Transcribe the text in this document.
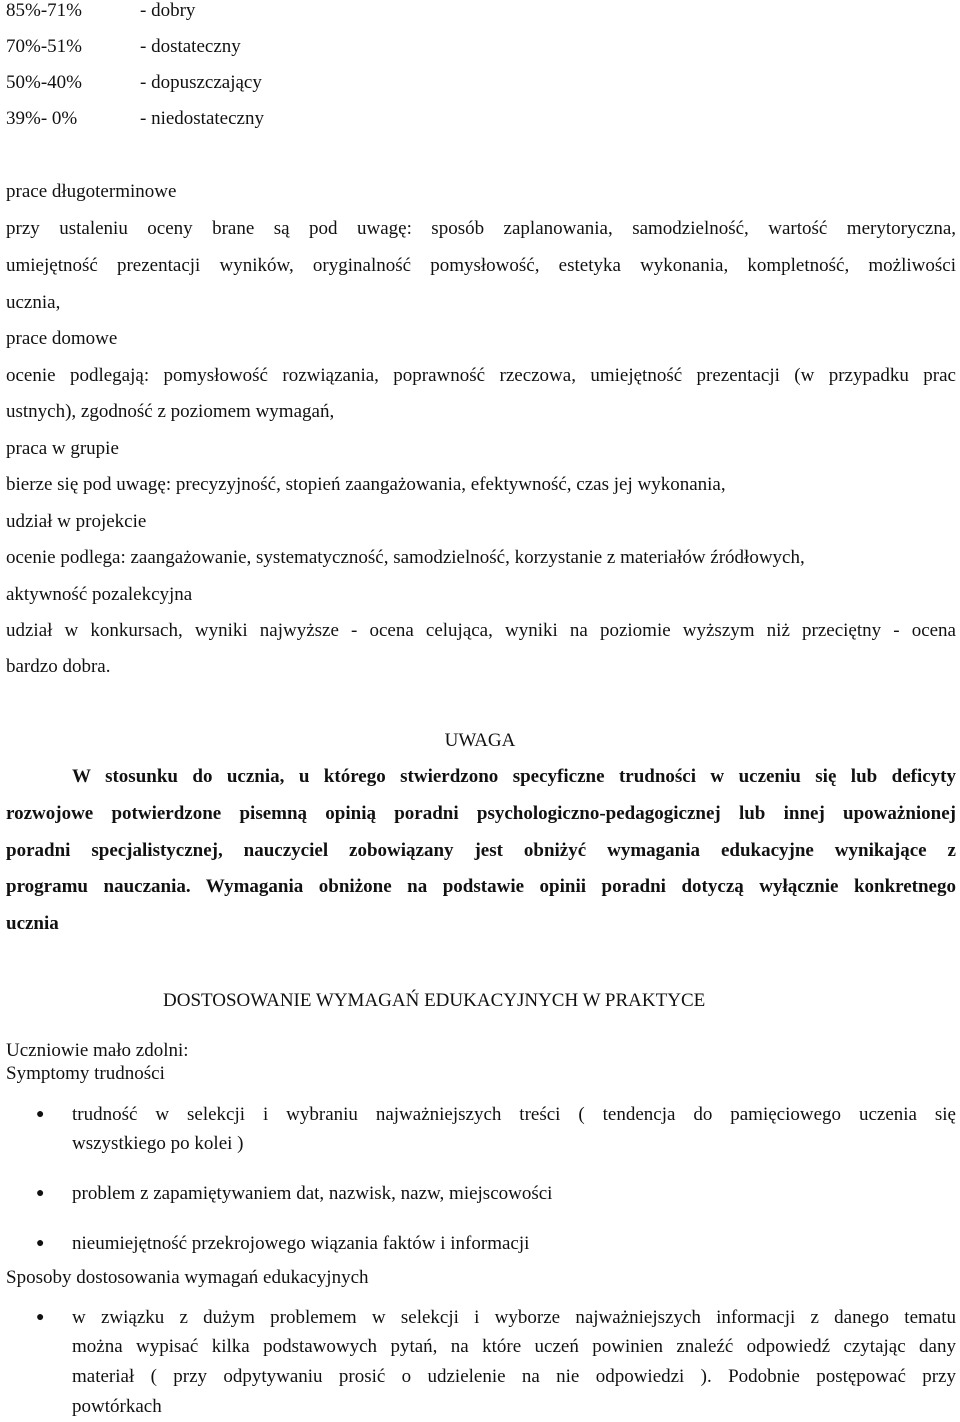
85%-71%	- dobry
70%-51%	- dostateczny
50%-40%	- dopuszczający
39%- 0%	- niedostateczny
prace długoterminowe
przy ustaleniu oceny brane są pod uwagę: sposób zaplanowania, samodzielność, wartość merytoryczna,
umiejętność prezentacji wyników, oryginalność pomysłowość, estetyka wykonania, kompletność, możliwości
ucznia,
prace domowe
ocenie podlegają: pomysłowość rozwiązania, poprawność rzeczowa, umiejętność prezentacji (w przypadku prac
ustnych), zgodność z poziomem wymagań,
praca w grupie
bierze się pod uwagę: precyzyjność, stopień zaangażowania, efektywność, czas jej wykonania,
udział w projekcie
ocenie podlega: zaangażowanie, systematyczność, samodzielność, korzystanie z materiałów źródłowych,
aktywność pozalekcyjna
udział w konkursach, wyniki najwyższe - ocena celująca, wyniki na poziomie wyższym niż przeciętny - ocena
bardzo dobra.
UWAGA
W stosunku do ucznia, u którego stwierdzono specyficzne trudności w uczeniu się lub deficyty
rozwojowe potwierdzone pisemną opinią poradni psychologiczno-pedagogicznej lub innej upoważnionej
poradni specjalistycznej, nauczyciel zobowiązany jest obniżyć wymagania edukacyjne wynikające z
programu nauczania. Wymagania obniżone na podstawie opinii poradni dotyczą wyłącznie konkretnego
ucznia
DOSTOSOWANIE WYMAGAŃ EDUKACYJNYCH W PRAKTYCE
Uczniowie mało zdolni:
Symptomy trudności
● trudność w selekcji i wybraniu najważniejszych treści ( tendencja do pamięciowego uczenia się
wszystkiego po kolei )
● problem z zapamiętywaniem dat, nazwisk, nazw, miejscowości
● nieumiejętność przekrojowego wiązania faktów i informacji
Sposoby dostosowania wymagań edukacyjnych
● w związku z dużym problemem w selekcji i wyborze najważniejszych informacji z danego tematu
można wypisać kilka podstawowych pytań, na które uczeń powinien znaleźć odpowiedź czytając dany
materiał ( przy odpytywaniu prosić o udzielenie na nie odpowiedzi ). Podobnie postępować przy
powtórkach
